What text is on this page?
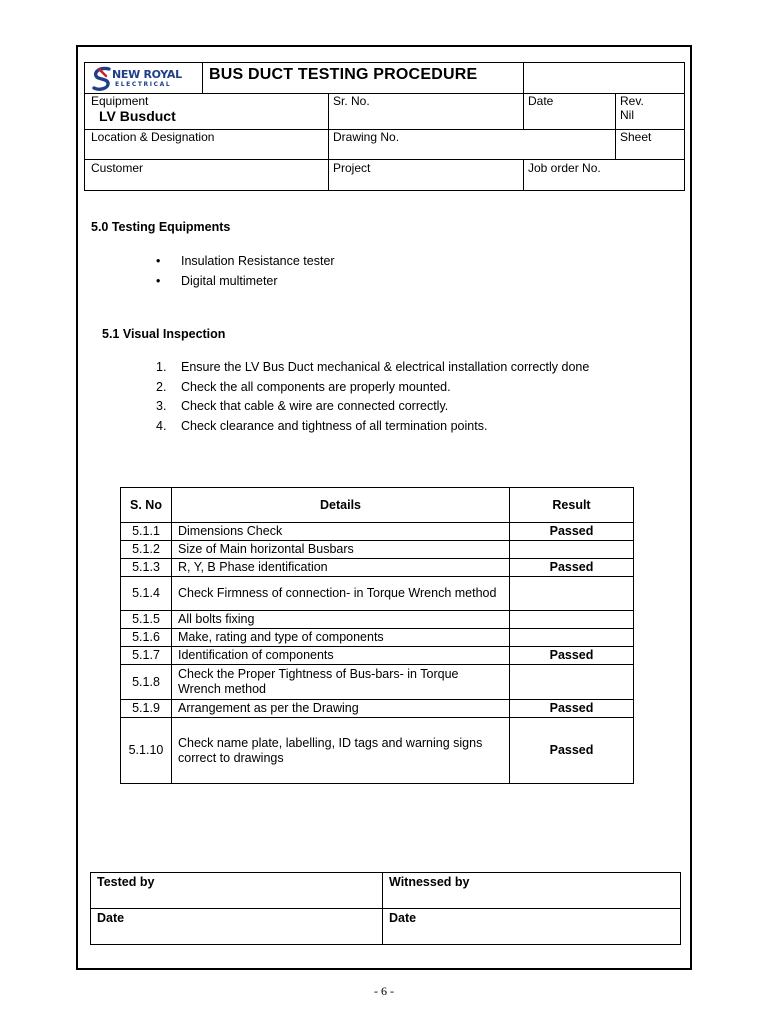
NEW ROYAL
ELECTRICAL
BUS DUCT TESTING PROCEDURE
Equipment
LV Busduct
Sr. No.	Date	Rev.
Nil
Location & Designation	Drawing No.	Sheet
Customer	Project	Job order No.
5.0 Testing Equipments
• Insulation Resistance tester
• Digital multimeter
5.1 Visual Inspection
1.	Ensure the LV Bus Duct mechanical & electrical installation correctly done
2.	Check the all components are properly mounted.
3.	Check that cable & wire are connected correctly.
4.	Check clearance and tightness of all termination points.
S. No	Details	Result
5.1.1	Dimensions Check	Passed
5.1.2	Size of Main horizontal Busbars	
5.1.3	R, Y, B Phase identification	Passed
5.1.4	Check Firmness of connection- in Torque Wrench method	
5.1.5	All bolts fixing	
5.1.6	Make, rating and type of components	
5.1.7	Identification of components	Passed
5.1.8	Check the Proper Tightness of Bus-bars- in Torque Wrench method	
5.1.9	Arrangement as per the Drawing	Passed
5.1.10	Check name plate, labelling, ID tags and warning signs correct to drawings	Passed
Tested by	Witnessed by
Date	Date
- 6 -
